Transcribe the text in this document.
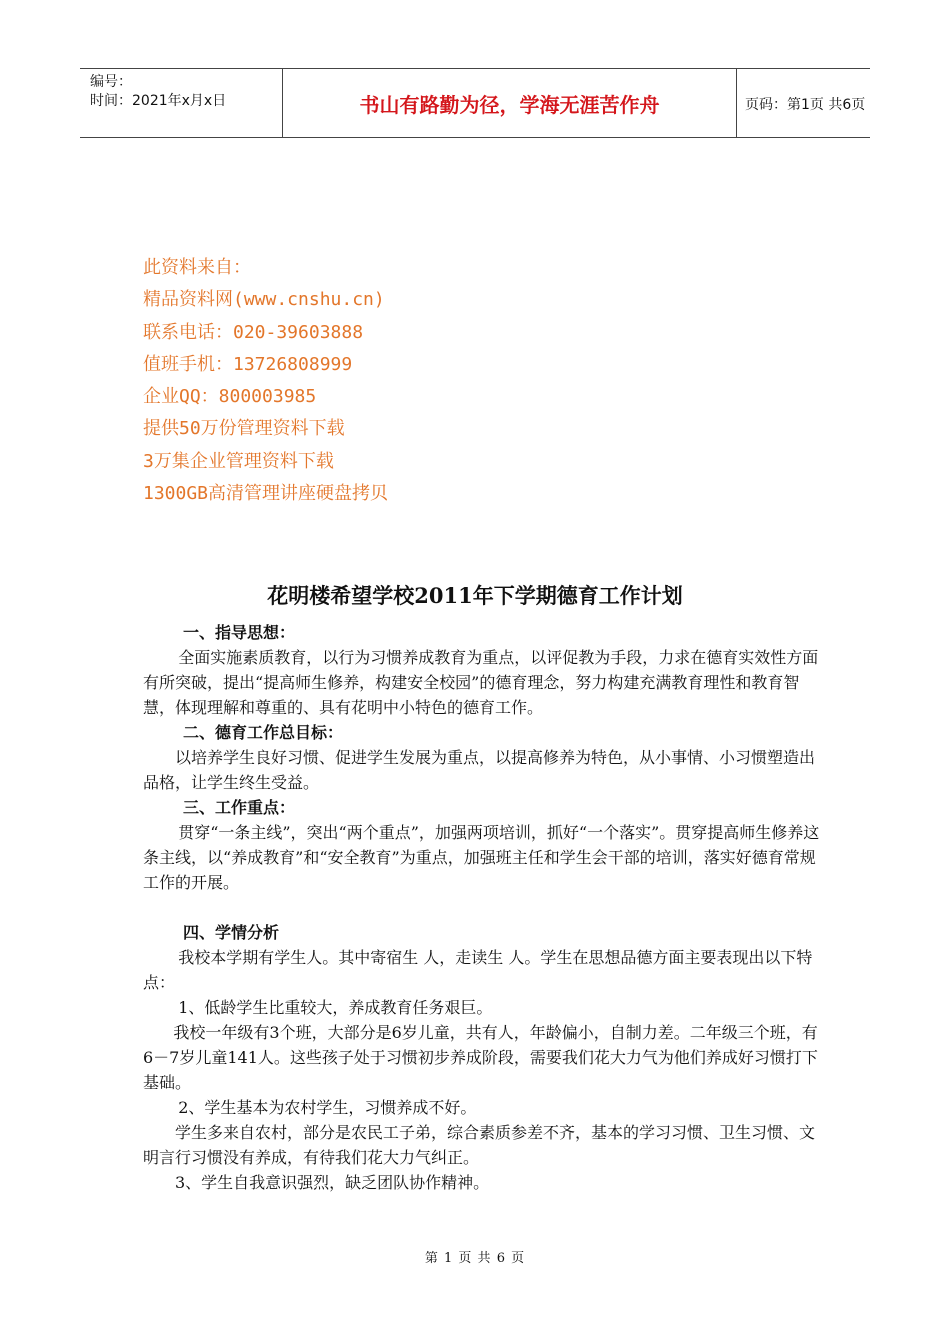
编号：
时间：2021年x月x日	书山有路勤为径，学海无涯苦作舟	页码：第1页 共6页
此资料来自：
精品资料网(www.cnshu.cn)
联系电话：020-39603888
值班手机：13726808999
企业QQ：800003985
提供50万份管理资料下载
3万集企业管理资料下载
1300GB高清管理讲座硬盘拷贝
花明楼希望学校2011年下学期德育工作计划

一、指导思想：

全面实施素质教育，以行为习惯养成教育为重点，以评促教为手段，力求在德育实效性方面有所突破，提出“提高师生修养，构建安全校园”的德育理念，努力构建充满教育理性和教育智慧，体现理解和尊重的、具有花明中小特色的德育工作。

二、德育工作总目标：

以培养学生良好习惯、促进学生发展为重点，以提高修养为特色，从小事情、小习惯塑造出品格，让学生终生受益。

三、工作重点：

贯穿“一条主线”，突出“两个重点”，加强两项培训，抓好“一个落实”。贯穿提高师生修养这条主线，以“养成教育”和“安全教育”为重点，加强班主任和学生会干部的培训，落实好德育常规工作的开展。

四、学情分析

我校本学期有学生人。其中寄宿生 人，走读生 人。学生在思想品德方面主要表现出以下特点：

1、低龄学生比重较大，养成教育任务艰巨。

我校一年级有3个班，大部分是6岁儿童，共有人，年龄偏小，自制力差。二年级三个班，有6－7岁儿童141人。这些孩子处于习惯初步养成阶段，需要我们花大力气为他们养成好习惯打下基础。

2、学生基本为农村学生，习惯养成不好。

学生多来自农村，部分是农民工子弟，综合素质参差不齐，基本的学习习惯、卫生习惯、文明言行习惯没有养成，有待我们花大力气纠正。

3、学生自我意识强烈，缺乏团队协作精神。

第 1 页 共 6 页
